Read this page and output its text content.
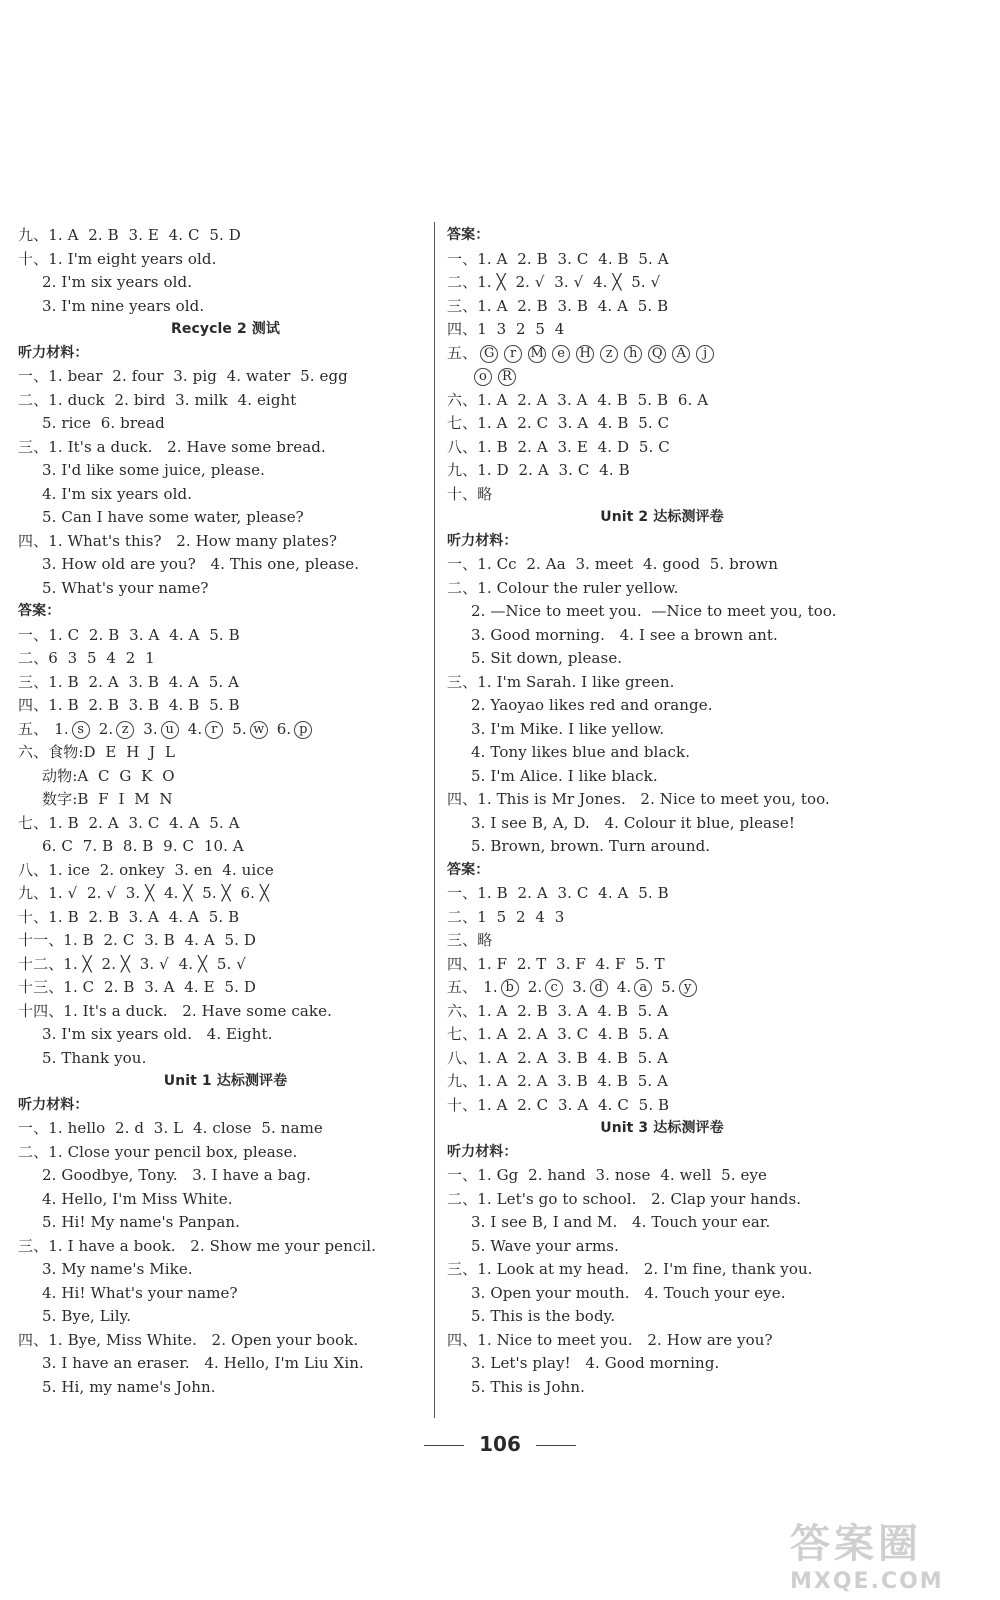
九、1. A  2. B  3. E  4. C  5. D
十、1. I'm eight years old.
2. I'm six years old.
3. I'm nine years old.
Recycle 2 测试
听力材料：
一、1. bear  2. four  3. pig  4. water  5. egg
二、1. duck  2. bird  3. milk  4. eight
5. rice  6. bread
三、1. It's a duck.   2. Have some bread.
3. I'd like some juice, please.
4. I'm six years old.
5. Can I have some water, please?
四、1. What's this?   2. How many plates?
3. How old are you?   4. This one, please.
5. What's your name?
答案：
一、1. C  2. B  3. A  4. A  5. B
二、6  3  5  4  2  1
三、1. B  2. A  3. B  4. A  5. A
四、1. B  2. B  3. B  4. B  5. B
五、 1. s 2. z 3. u 4. r 5. w 6. p
六、食物:D  E  H  J  L
动物:A  C  G  K  O
数字:B  F  I  M  N
七、1. B  2. A  3. C  4. A  5. A
6. C  7. B  8. B  9. C  10. A
八、1. ice  2. onkey  3. en  4. uice
九、1. √  2. √  3. ╳  4. ╳  5. ╳  6. ╳
十、1. B  2. B  3. A  4. A  5. B
十一、1. B  2. C  3. B  4. A  5. D
十二、1. ╳  2. ╳  3. √  4. ╳  5. √
十三、1. C  2. B  3. A  4. E  5. D
十四、1. It's a duck.   2. Have some cake.
3. I'm six years old.   4. Eight.
5. Thank you.
Unit 1 达标测评卷
听力材料：
一、1. hello  2. d  3. L  4. close  5. name
二、1. Close your pencil box, please.
2. Goodbye, Tony.   3. I have a bag.
4. Hello, I'm Miss White.
5. Hi! My name's Panpan.
三、1. I have a book.   2. Show me your pencil.
3. My name's Mike.
4. Hi! What's your name?
5. Bye, Lily.
四、1. Bye, Miss White.   2. Open your book.
3. I have an eraser.   4. Hello, I'm Liu Xin.
5. Hi, my name's John.
答案：
一、1. A  2. B  3. C  4. B  5. A
二、1. ╳  2. √  3. √  4. ╳  5. √
三、1. A  2. B  3. B  4. A  5. B
四、1  3  2  5  4
五、 G r M e H z h Q A j
o R
六、1. A  2. A  3. A  4. B  5. B  6. A
七、1. A  2. C  3. A  4. B  5. C
八、1. B  2. A  3. E  4. D  5. C
九、1. D  2. A  3. C  4. B
十、略
Unit 2 达标测评卷
听力材料：
一、1. Cc  2. Aa  3. meet  4. good  5. brown
二、1. Colour the ruler yellow.
2. —Nice to meet you.  —Nice to meet you, too.
3. Good morning.   4. I see a brown ant.
5. Sit down, please.
三、1. I'm Sarah. I like green.
2. Yaoyao likes red and orange.
3. I'm Mike. I like yellow.
4. Tony likes blue and black.
5. I'm Alice. I like black.
四、1. This is Mr Jones.   2. Nice to meet you, too.
3. I see B, A, D.   4. Colour it blue, please!
5. Brown, brown. Turn around.
答案：
一、1. B  2. A  3. C  4. A  5. B
二、1  5  2  4  3
三、略
四、1. F  2. T  3. F  4. F  5. T
五、 1. b 2. c 3. d 4. a 5. y
六、1. A  2. B  3. A  4. B  5. A
七、1. A  2. A  3. C  4. B  5. A
八、1. A  2. A  3. B  4. B  5. A
九、1. A  2. A  3. B  4. B  5. A
十、1. A  2. C  3. A  4. C  5. B
Unit 3 达标测评卷
听力材料：
一、1. Gg  2. hand  3. nose  4. well  5. eye
二、1. Let's go to school.   2. Clap your hands.
3. I see B, I and M.   4. Touch your ear.
5. Wave your arms.
三、1. Look at my head.   2. I'm fine, thank you.
3. Open your mouth.   4. Touch your eye.
5. This is the body.
四、1. Nice to meet you.   2. How are you?
3. Let's play!   4. Good morning.
5. This is John.
106
答案圈
MXQE.COM
